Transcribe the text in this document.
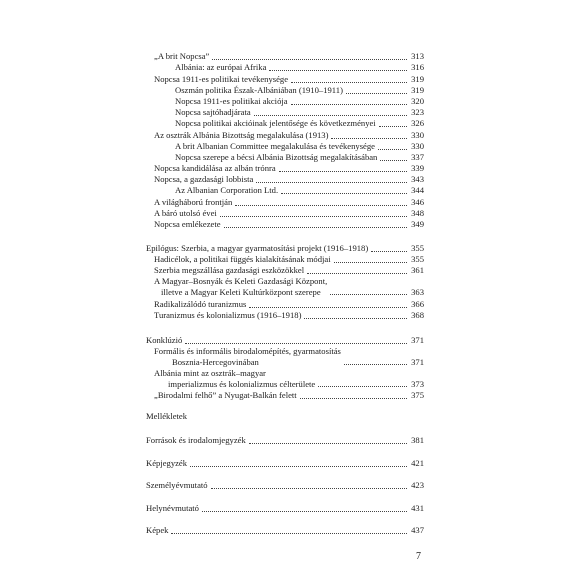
„A brit Nopcsa”	313
Albánia: az európai Afrika	316
Nopcsa 1911-es politikai tevékenysége	319
Oszmán politika Észak-Albániában (1910–1911)	319
Nopcsa 1911-es politikai akciója	320
Nopcsa sajtóhadjárata	323
Nopcsa politikai akcióinak jelentősége és következményei	326
Az osztrák Albánia Bizottság megalakulása (1913)	330
A brit Albanian Committee megalakulása és tevékenysége	330
Nopcsa szerepe a bécsi Albánia Bizottság megalakításában	337
Nopcsa kandidálása az albán trónra	339
Nopcsa, a gazdasági lobbista	343
Az Albanian Corporation Ltd.	344
A világháború frontján	346
A báró utolsó évei	348
Nopcsa emlékezete	349
Epilógus: Szerbia, a magyar gyarmatosítási projekt (1916–1918)	355
Hadicélok, a politikai függés kialakításának módjai	355
Szerbia megszállása gazdasági eszközökkel	361
A Magyar–Bosnyák és Keleti Gazdasági Központ,
illetve a Magyar Keleti Kultúrközpont szerepe	363
Radikalizálódó turanizmus	366
Turanizmus és kolonializmus (1916–1918)	368
Konklúzió	371
Formális és informális birodalomépítés, gyarmatosítás
Bosznia-Hercegovinában	371
Albánia mint az osztrák–magyar
imperializmus és kolonializmus célterülete	373
„Birodalmi felhő” a Nyugat-Balkán felett	375
Mellékletek
Források és irodalomjegyzék	381
Képjegyzék	421
Személyévmutató	423
Helynévmutató	431
Képek	437
7
